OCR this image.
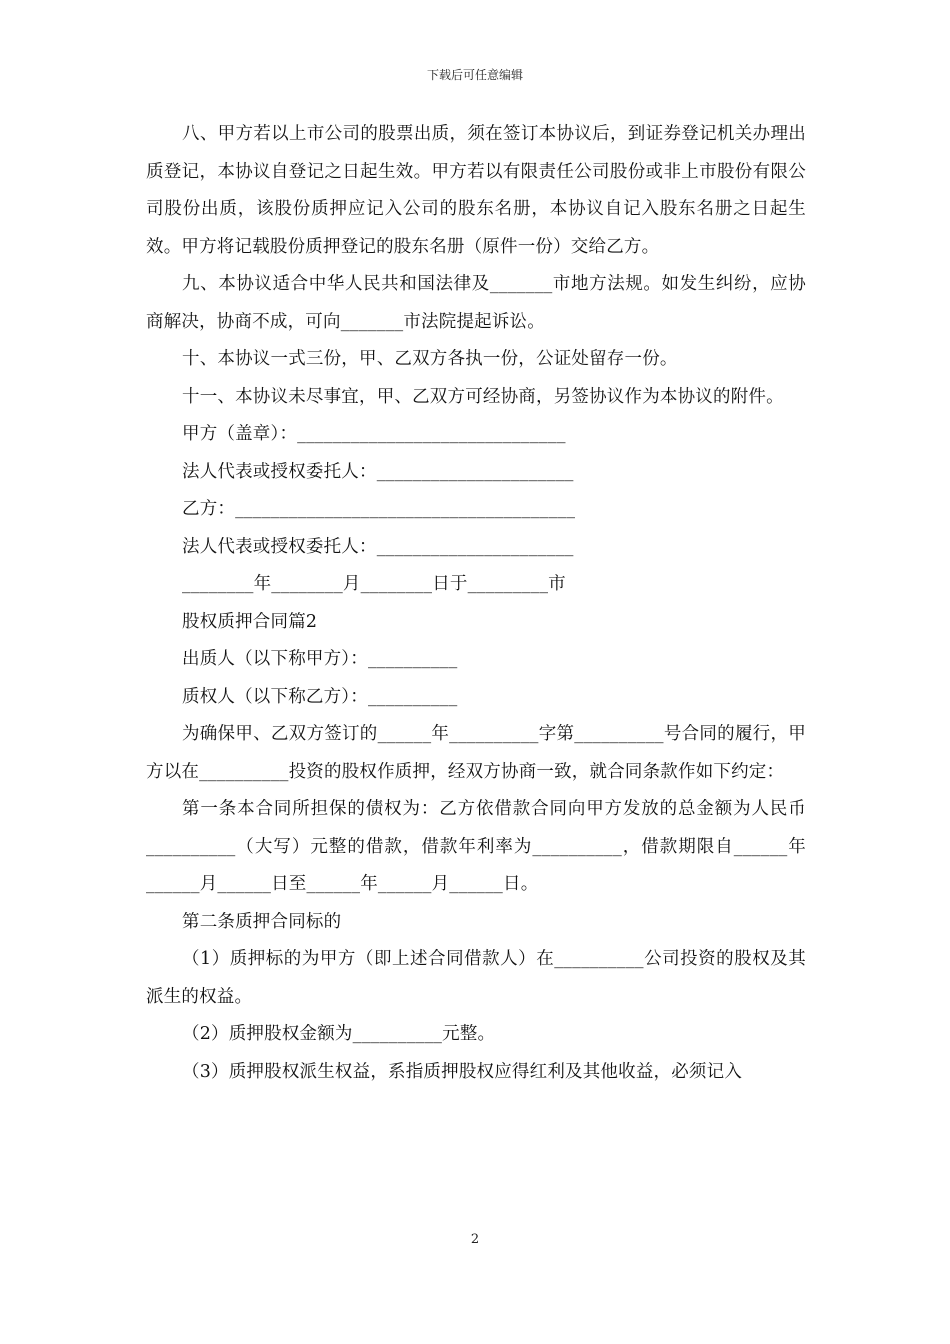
下载后可任意编辑

八、甲方若以上市公司的股票出质，须在签订本协议后，到证券登记机关办理出质登记，本协议自登记之日起生效。甲方若以有限责任公司股份或非上市股份有限公司股份出质，该股份质押应记入公司的股东名册，本协议自记入股东名册之日起生效。甲方将记载股份质押登记的股东名册（原件一份）交给乙方。

九、本协议适合中华人民共和国法律及_______市地方法规。如发生纠纷，应协商解决，协商不成，可向_______市法院提起诉讼。

十、本协议一式三份，甲、乙双方各执一份，公证处留存一份。

十一、本协议未尽事宜，甲、乙双方可经协商，另签协议作为本协议的附件。

甲方（盖章）：______________________________

法人代表或授权委托人：______________________

乙方：______________________________________

法人代表或授权委托人：______________________

________年________月________日于_________市

股权质押合同篇2

出质人（以下称甲方）：__________

质权人（以下称乙方）：__________

为确保甲、乙双方签订的______年__________字第__________号合同的履行，甲方以在__________投资的股权作质押，经双方协商一致，就合同条款作如下约定：

第一条本合同所担保的债权为：乙方依借款合同向甲方发放的总金额为人民币__________（大写）元整的借款，借款年利率为__________，借款期限自______年______月______日至______年______月______日。

第二条质押合同标的

（1）质押标的为甲方（即上述合同借款人）在__________公司投资的股权及其派生的权益。

（2）质押股权金额为__________元整。

（3）质押股权派生权益，系指质押股权应得红利及其他收益，必须记入

2
